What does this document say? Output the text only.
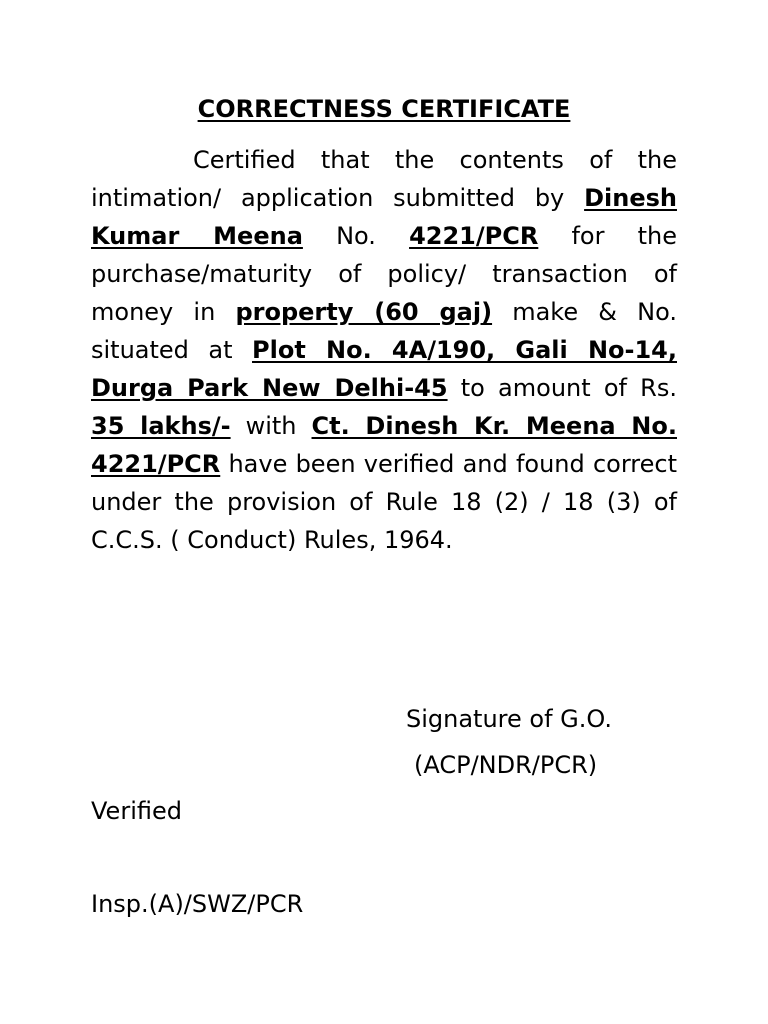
CORRECTNESS CERTIFICATE

Certified that the contents of the intimation/ application submitted by Dinesh Kumar Meena No. 4221/PCR for the purchase/maturity of policy/ transaction of money in property (60 gaj) make & No. situated at Plot No. 4A/190, Gali No-14, Durga Park New Delhi-45 to amount of Rs. 35 lakhs/- with Ct. Dinesh Kr. Meena No. 4221/PCR have been verified and found correct under the provision of Rule 18 (2) / 18 (3) of C.C.S. ( Conduct) Rules, 1964.

Signature of G.O.

(ACP/NDR/PCR)

Verified

Insp.(A)/SWZ/PCR
